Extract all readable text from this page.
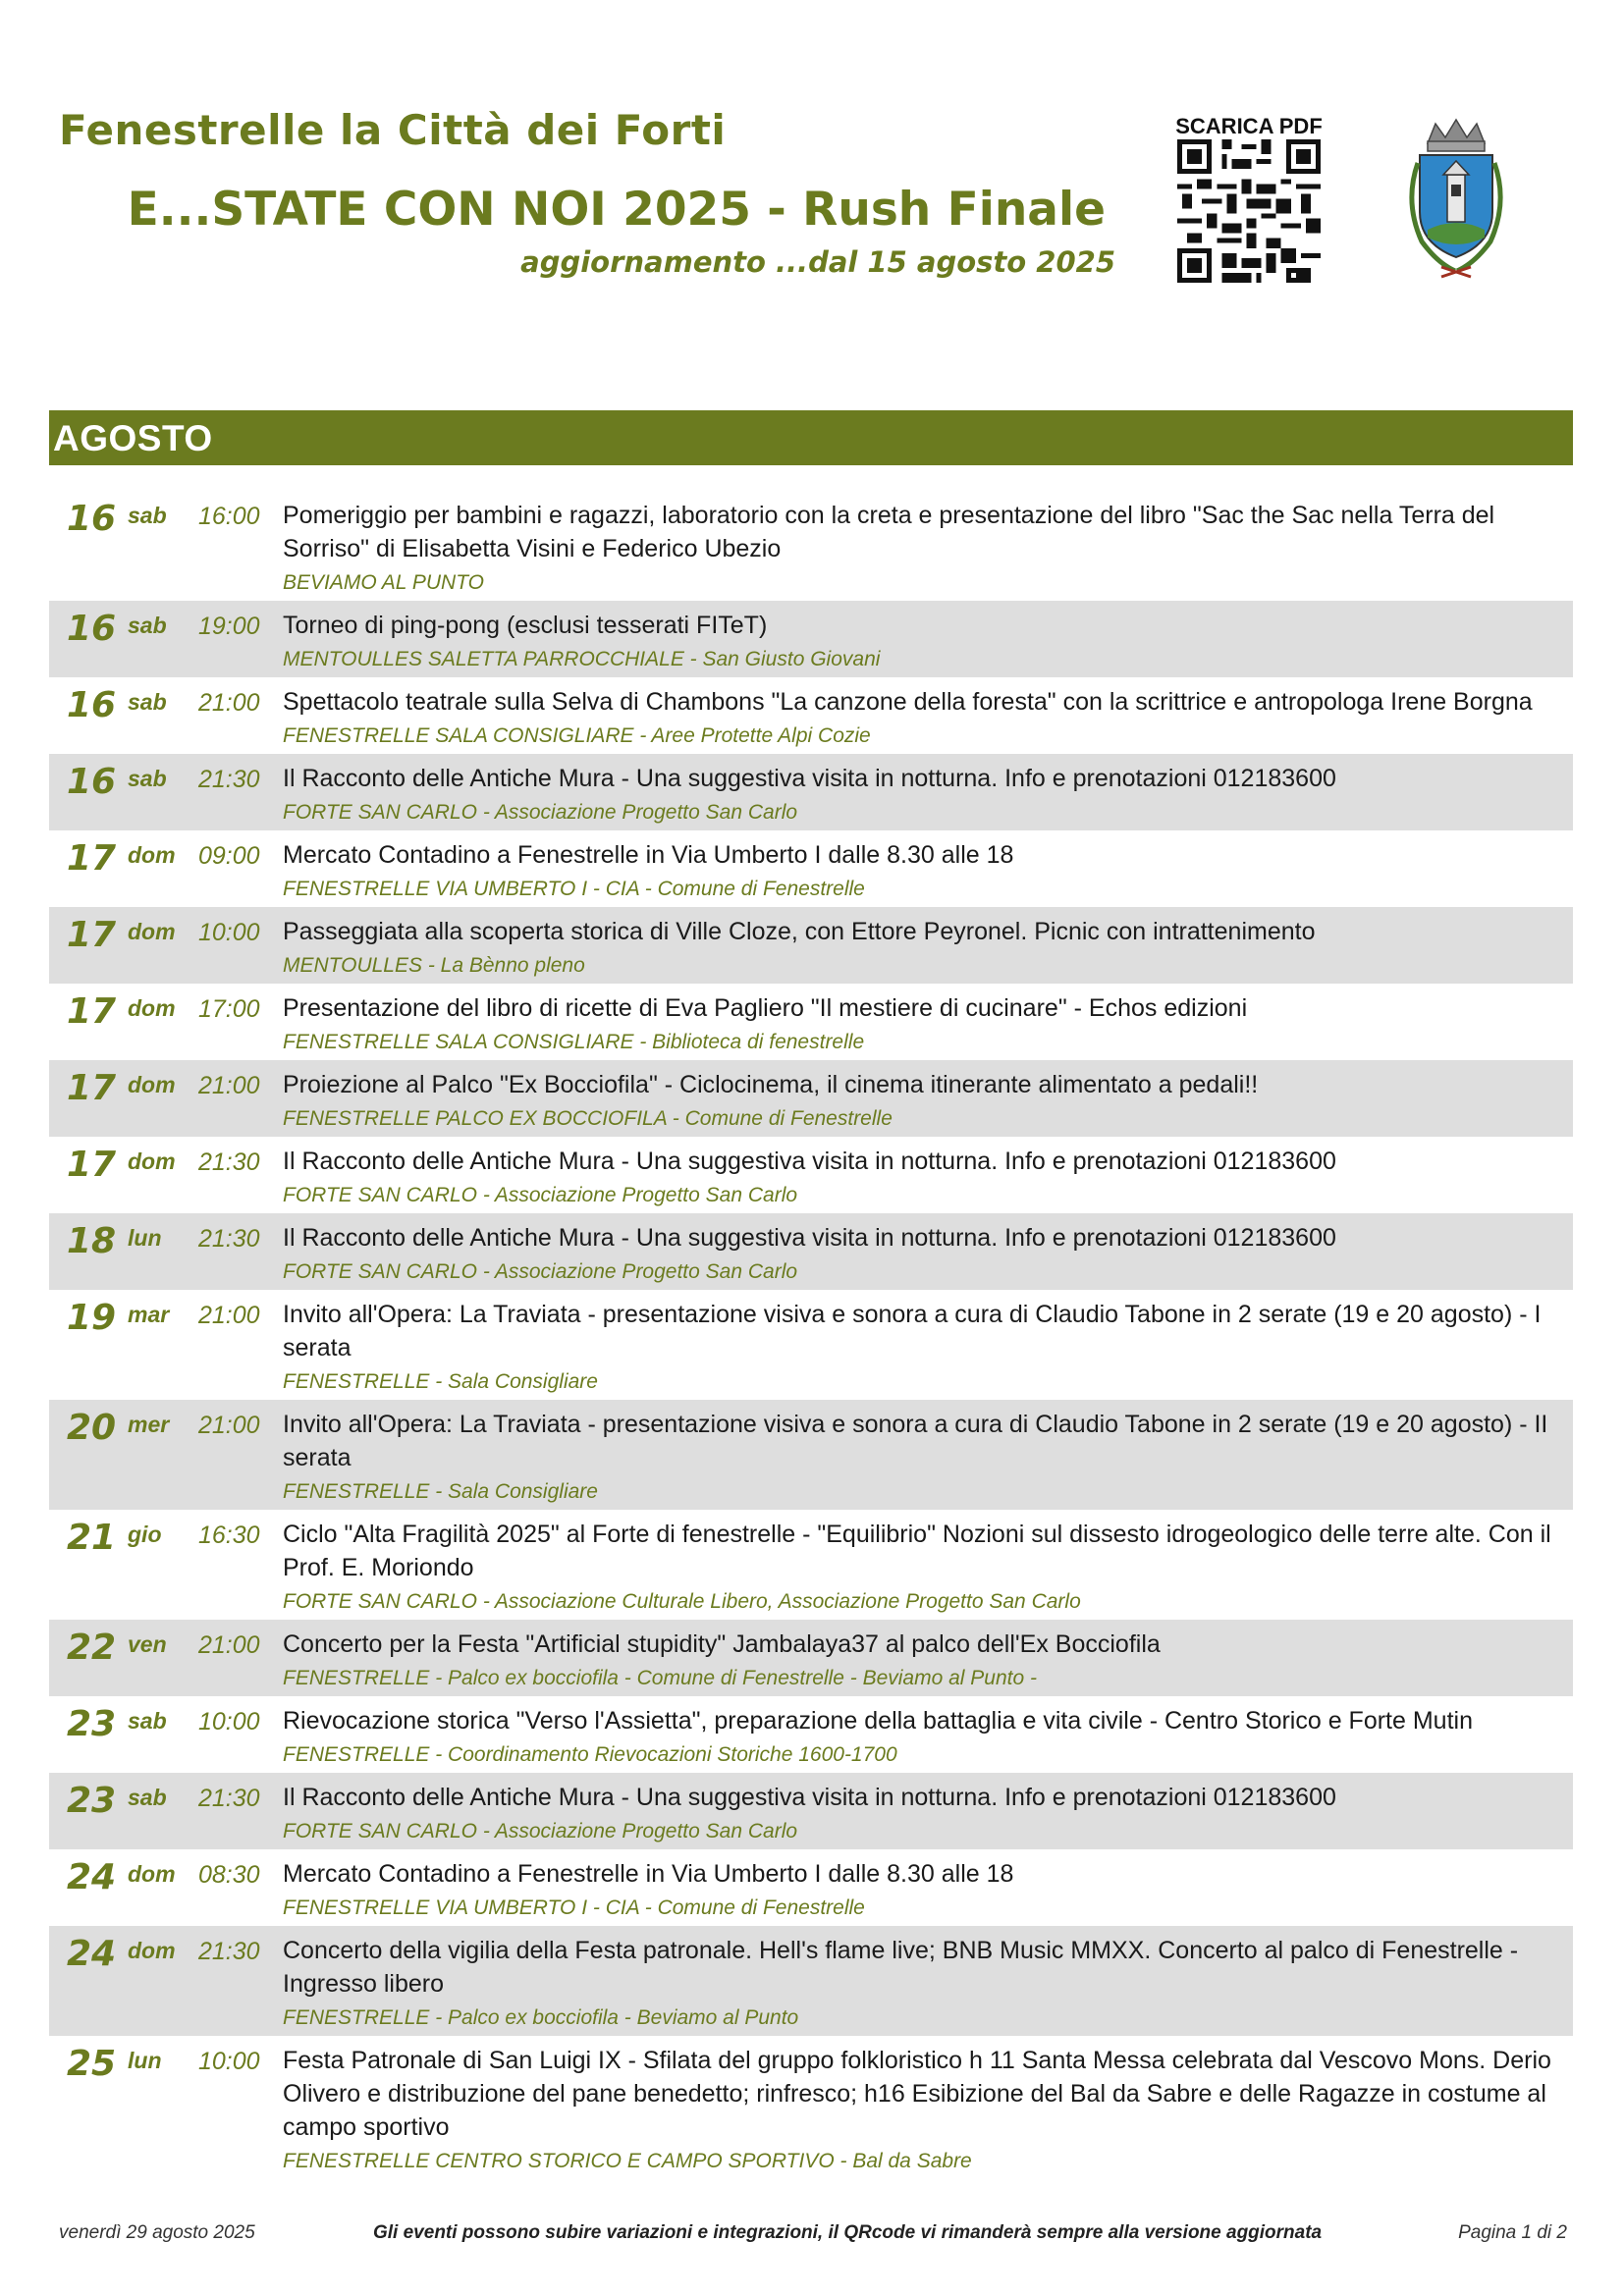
Fenestrelle la Città dei Forti
E...STATE CON NOI 2025 - Rush Finale
aggiornamento ...dal 15 agosto 2025
SCARICA PDF
AGOSTO
16 sab 16:00 Pomeriggio per bambini e ragazzi, laboratorio con la creta e presentazione del libro "Sac the Sac nella Terra del Sorriso" di Elisabetta Visini e Federico Ubezio
BEVIAMO AL PUNTO
16 sab 19:00 Torneo di ping-pong (esclusi tesserati FITeT)
MENTOULLES SALETTA PARROCCHIALE - San Giusto Giovani
16 sab 21:00 Spettacolo teatrale sulla Selva di Chambons "La canzone della foresta" con la scrittrice e antropologa Irene Borgna
FENESTRELLE SALA CONSIGLIARE - Aree Protette Alpi Cozie
16 sab 21:30 Il Racconto delle Antiche Mura - Una suggestiva visita in notturna. Info e prenotazioni 012183600
FORTE SAN CARLO - Associazione Progetto San Carlo
17 dom 09:00 Mercato Contadino a Fenestrelle in Via Umberto I dalle 8.30 alle 18
FENESTRELLE VIA UMBERTO I - CIA - Comune di Fenestrelle
17 dom 10:00 Passeggiata alla scoperta storica di Ville Cloze, con Ettore Peyronel. Picnic con intrattenimento
MENTOULLES - La Bènno pleno
17 dom 17:00 Presentazione del libro di ricette di Eva Pagliero "Il mestiere di cucinare" - Echos edizioni
FENESTRELLE SALA CONSIGLIARE - Biblioteca di fenestrelle
17 dom 21:00 Proiezione al Palco "Ex Bocciofila" - Ciclocinema, il cinema itinerante alimentato a pedali!!
FENESTRELLE PALCO EX BOCCIOFILA - Comune di Fenestrelle
17 dom 21:30 Il Racconto delle Antiche Mura - Una suggestiva visita in notturna. Info e prenotazioni 012183600
FORTE SAN CARLO - Associazione Progetto San Carlo
18 lun 21:30 Il Racconto delle Antiche Mura - Una suggestiva visita in notturna. Info e prenotazioni 012183600
FORTE SAN CARLO - Associazione Progetto San Carlo
19 mar 21:00 Invito all'Opera: La Traviata - presentazione visiva e sonora a cura di Claudio Tabone in 2 serate (19 e 20 agosto) - I serata
FENESTRELLE - Sala Consigliare
20 mer 21:00 Invito all'Opera: La Traviata - presentazione visiva e sonora a cura di Claudio Tabone in 2 serate (19 e 20 agosto) - II serata
FENESTRELLE - Sala Consigliare
21 gio 16:30 Ciclo "Alta Fragilità 2025" al Forte di fenestrelle - "Equilibrio" Nozioni sul dissesto idrogeologico delle terre alte. Con il Prof. E. Moriondo
FORTE SAN CARLO - Associazione Culturale Libero, Associazione Progetto San Carlo
22 ven 21:00 Concerto per la Festa "Artificial stupidity" Jambalaya37 al palco dell'Ex Bocciofila
FENESTRELLE - Palco ex bocciofila - Comune di Fenestrelle - Beviamo al Punto -
23 sab 10:00 Rievocazione storica "Verso l'Assietta", preparazione della battaglia e vita civile - Centro Storico e Forte Mutin
FENESTRELLE - Coordinamento Rievocazioni Storiche 1600-1700
23 sab 21:30 Il Racconto delle Antiche Mura - Una suggestiva visita in notturna. Info e prenotazioni 012183600
FORTE SAN CARLO - Associazione Progetto San Carlo
24 dom 08:30 Mercato Contadino a Fenestrelle in Via Umberto I dalle 8.30 alle 18
FENESTRELLE VIA UMBERTO I - CIA - Comune di Fenestrelle
24 dom 21:30 Concerto della vigilia della Festa patronale. Hell's flame live; BNB Music MMXX. Concerto al palco di Fenestrelle - Ingresso libero
FENESTRELLE - Palco ex bocciofila - Beviamo al Punto
25 lun 10:00 Festa Patronale di San Luigi IX - Sfilata del gruppo folkloristico h 11 Santa Messa celebrata dal Vescovo Mons. Derio Olivero e distribuzione del pane benedetto; rinfresco; h16 Esibizione del Bal da Sabre e delle Ragazze in costume al campo sportivo
FENESTRELLE CENTRO STORICO E CAMPO SPORTIVO - Bal da Sabre
venerdì 29 agosto 2025	Gli eventi possono subire variazioni e integrazioni, il QRcode vi rimanderà sempre alla versione aggiornata	Pagina 1 di 2
